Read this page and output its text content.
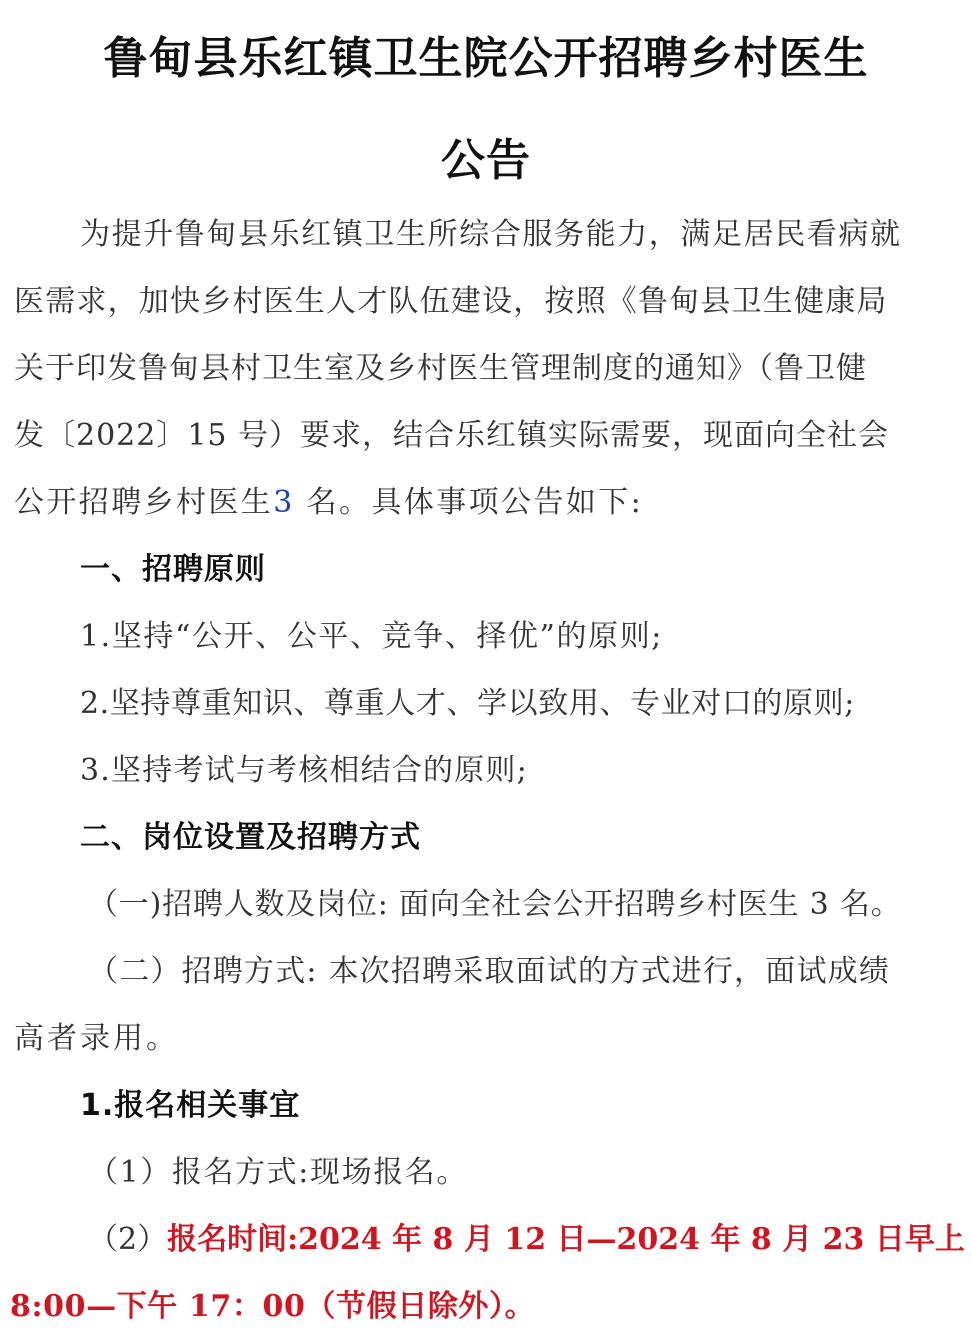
鲁甸县乐红镇卫生院公开招聘乡村医生
公告
为提升鲁甸县乐红镇卫生所综合服务能力，满足居民看病就
医需求，加快乡村医生人才队伍建设，按照《鲁甸县卫生健康局
关于印发鲁甸县村卫生室及乡村医生管理制度的通知》（鲁卫健
发〔2022〕15 号）要求，结合乐红镇实际需要，现面向全社会
公开招聘乡村医生3 名。具体事项公告如下:
一、招聘原则
1.坚持“公开、公平、竞争、择优”的原则;
2.坚持尊重知识、尊重人才、学以致用、专业对口的原则;
3.坚持考试与考核相结合的原则;
二、岗位设置及招聘方式
（一)招聘人数及岗位: 面向全社会公开招聘乡村医生 3 名。
（二）招聘方式: 本次招聘采取面试的方式进行，面试成绩
高者录用。
1.报名相关事宜
（1）报名方式:现场报名。
（2）报名时间:2024 年 8 月 12 日—2024 年 8 月 23 日早上
8:00—下午 17：00（节假日除外）。
